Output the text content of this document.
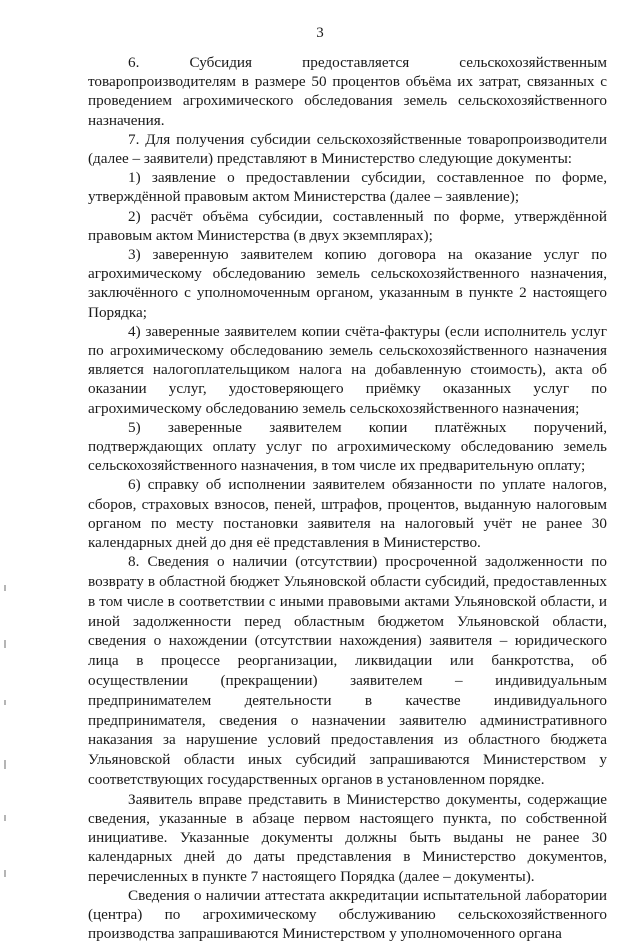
3

6. Субсидия предоставляется сельскохозяйственным товаропроизводителям в размере 50 процентов объёма их затрат, связанных с проведением агрохимического обследования земель сельскохозяйственного назначения.

7. Для получения субсидии сельскохозяйственные товаропроизводители (далее – заявители) представляют в Министерство следующие документы:

1) заявление о предоставлении субсидии, составленное по форме, утверждённой правовым актом Министерства (далее – заявление);

2) расчёт объёма субсидии, составленный по форме, утверждённой правовым актом Министерства (в двух экземплярах);

3) заверенную заявителем копию договора на оказание услуг по агрохимическому обследованию земель сельскохозяйственного назначения, заключённого с уполномоченным органом, указанным в пункте 2 настоящего Порядка;

4) заверенные заявителем копии счёта-фактуры (если исполнитель услуг по агрохимическому обследованию земель сельскохозяйственного назначения является налогоплательщиком налога на добавленную стоимость), акта об оказании услуг, удостоверяющего приёмку оказанных услуг по агрохимическому обследованию земель сельскохозяйственного назначения;

5) заверенные заявителем копии платёжных поручений, подтверждающих оплату услуг по агрохимическому обследованию земель сельскохозяйственного назначения, в том числе их предварительную оплату;

6) справку об исполнении заявителем обязанности по уплате налогов, сборов, страховых взносов, пеней, штрафов, процентов, выданную налоговым органом по месту постановки заявителя на налоговый учёт не ранее 30 календарных дней до дня её представления в Министерство.

8. Сведения о наличии (отсутствии) просроченной задолженности по возврату в областной бюджет Ульяновской области субсидий, предоставленных в том числе в соответствии с иными правовыми актами Ульяновской области, и иной задолженности перед областным бюджетом Ульяновской области, сведения о нахождении (отсутствии нахождения) заявителя – юридического лица в процессе реорганизации, ликвидации или банкротства, об осуществлении (прекращении) заявителем – индивидуальным предпринимателем деятельности в качестве индивидуального предпринимателя, сведения о назначении заявителю административного наказания за нарушение условий предоставления из областного бюджета Ульяновской области иных субсидий запрашиваются Министерством у соответствующих государственных органов в установленном порядке.

Заявитель вправе представить в Министерство документы, содержащие сведения, указанные в абзаце первом настоящего пункта, по собственной инициативе. Указанные документы должны быть выданы не ранее 30 календарных дней до даты представления в Министерство документов, перечисленных в пункте 7 настоящего Порядка (далее – документы).

Сведения о наличии аттестата аккредитации испытательной лаборатории (центра) по агрохимическому обслуживанию сельскохозяйственного производства запрашиваются Министерством у уполномоченного органа
